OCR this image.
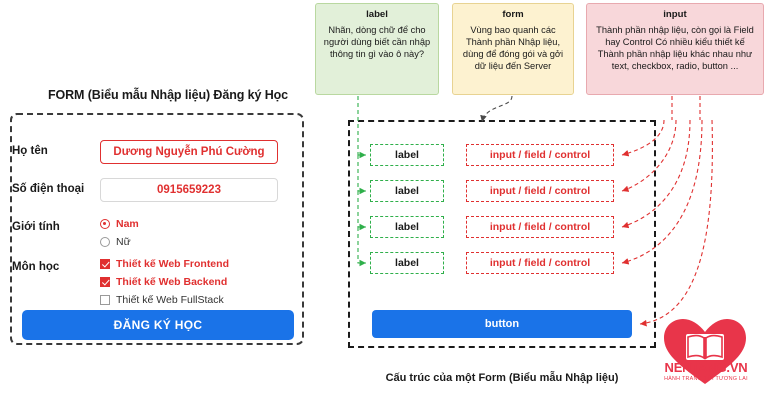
FORM (Biểu mẫu Nhập liệu) Đăng ký Học
Họ tên	Dương Nguyễn Phú Cường
Số điện thoại	0915659223
Giới tính	Nam
Nữ
Môn học	Thiết kế Web Frontend
Thiết kế Web Backend
Thiết kế Web FullStack
ĐĂNG KÝ HỌC
label
Nhãn, dòng chữ để cho người dùng biết cần nhập thông tin gì vào ô này?
form
Vùng bao quanh các Thành phần Nhập liệu, dùng để đóng gói và gởi dữ liệu đến Server
input
Thành phần nhập liệu, còn gọi là Field hay Control Có nhiều kiểu thiết kế Thành phần nhập liệu khác nhau như text, checkbox, radio, button ...
label	input / field / control
label	input / field / control
label	input / field / control
label	input / field / control
button
Cấu trúc của một Form (Biểu mẫu Nhập liệu)
NENTANG.VN
HÀNH TRANG TỚI TƯƠNG LAI
